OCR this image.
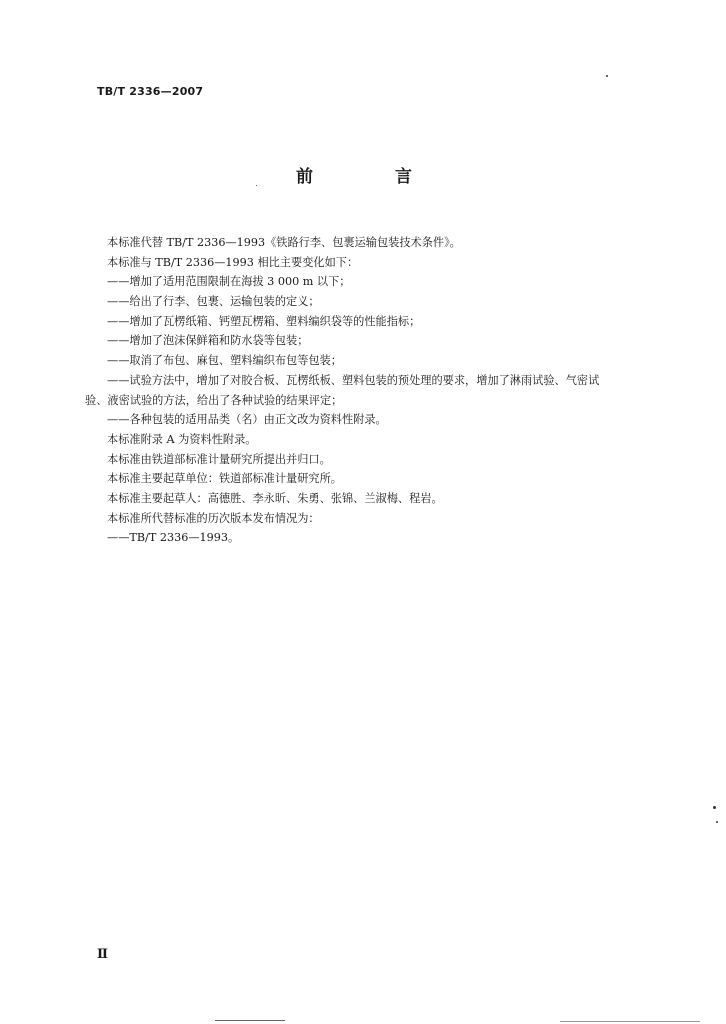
TB/T 2336—2007
前 言
本标准代替 TB/T 2336—1993《铁路行李、包裹运输包装技术条件》。
本标准与 TB/T 2336—1993 相比主要变化如下：
——增加了适用范围限制在海拔 3 000 m 以下；
——给出了行李、包裹、运输包装的定义；
——增加了瓦楞纸箱、钙塑瓦楞箱、塑料编织袋等的性能指标；
——增加了泡沫保鲜箱和防水袋等包装；
——取消了布包、麻包、塑料编织布包等包装；
——试验方法中，增加了对胶合板、瓦楞纸板、塑料包装的预处理的要求，增加了淋雨试验、气密试
验、液密试验的方法，给出了各种试验的结果评定；
——各种包装的适用品类（名）由正文改为资料性附录。
本标准附录 A 为资料性附录。
本标准由铁道部标准计量研究所提出并归口。
本标准主要起草单位：铁道部标准计量研究所。
本标准主要起草人：高德胜、李永昕、朱勇、张锦、兰淑梅、程岩。
本标准所代替标准的历次版本发布情况为：
——TB/T 2336—1993。
Ⅱ
